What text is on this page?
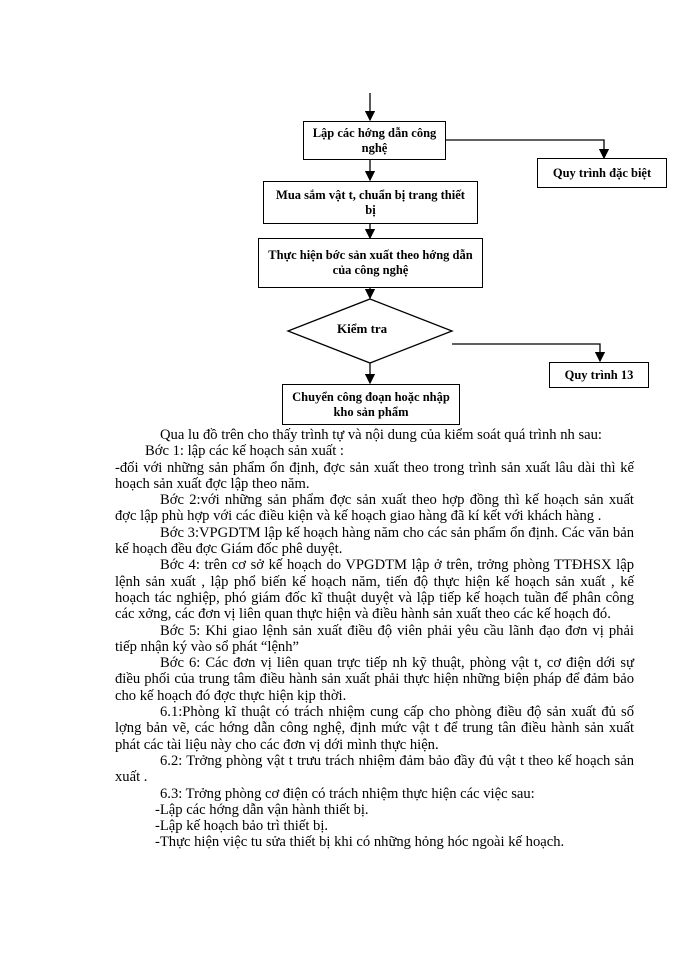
Lập các hớng dẫn công nghệ
Quy trình đặc biệt
Mua sắm vật t, chuẩn bị trang thiết bị
Thực hiện bớc sản xuất theo hớng dẫn của công nghệ
Kiểm tra
Quy trình 13
Chuyển công đoạn hoặc nhập kho sản phẩm

Qua lu đồ trên cho thấy trình tự và nội dung của kiểm soát quá trình nh sau:

Bớc 1: lập các kế hoạch sản xuất :

-đối với những sản phẩm ổn định, đợc sản xuất theo trong trình sản xuất lâu dài thì kế hoạch sản xuất đợc lập theo năm.

Bớc 2:với những sản phẩm đợc sản xuất theo hợp đồng thì kế hoạch sản xuất đợc lập phù hợp với các điều kiện và kế hoạch giao hàng đã kí kết với khách hàng .

Bớc 3:VPGDTM lập kế hoạch hàng năm cho các sản phẩm ổn định. Các văn bản kế hoạch đều đợc Giám đốc phê duyệt.

Bớc 4: trên cơ sở kế hoạch do VPGDTM lập ở trên, trởng phòng TTĐHSX lập lệnh sản xuất , lập phổ biến kế hoạch năm, tiến độ thực hiện kế hoạch sản xuất , kế hoạch tác nghiệp, phó giám đốc kĩ thuật duyệt và lập tiếp kế hoạch tuần để phân công các xởng, các đơn vị liên quan thực hiện và điều hành sản xuất theo các kế hoạch đó.

Bớc 5: Khi giao lệnh sản xuất điều độ viên phải yêu cầu lãnh đạo đơn vị phải tiếp nhận ký vào sổ phát “lệnh”

Bớc 6: Các đơn vị liên quan trực tiếp nh kỹ thuật, phòng vật t, cơ điện dới sự điều phối của trung tâm điều hành sản xuất phải thực hiện những biện pháp để đảm bảo cho kế hoạch đó đợc thực hiện kịp thời.

6.1:Phòng kĩ thuật có trách nhiệm cung cấp cho phòng điều độ sản xuất đủ số lợng bản vẽ, các hớng dẫn công nghệ, định mức vật t để trung tân điều hành sản xuất phát các tài liệu này cho các đơn vị dới mình thực hiện.

6.2: Trởng phòng vật t trưu trách nhiệm đảm bảo đầy đủ vật t theo kế hoạch sản xuất .

6.3: Trởng phòng cơ điện có trách nhiệm thực hiện các việc sau:

-Lập các hớng dẫn vận hành thiết bị.

-Lập kế hoạch bảo trì thiết bị.

-Thực hiện việc tu sửa thiết bị khi có những hỏng hóc ngoài kế hoạch.
